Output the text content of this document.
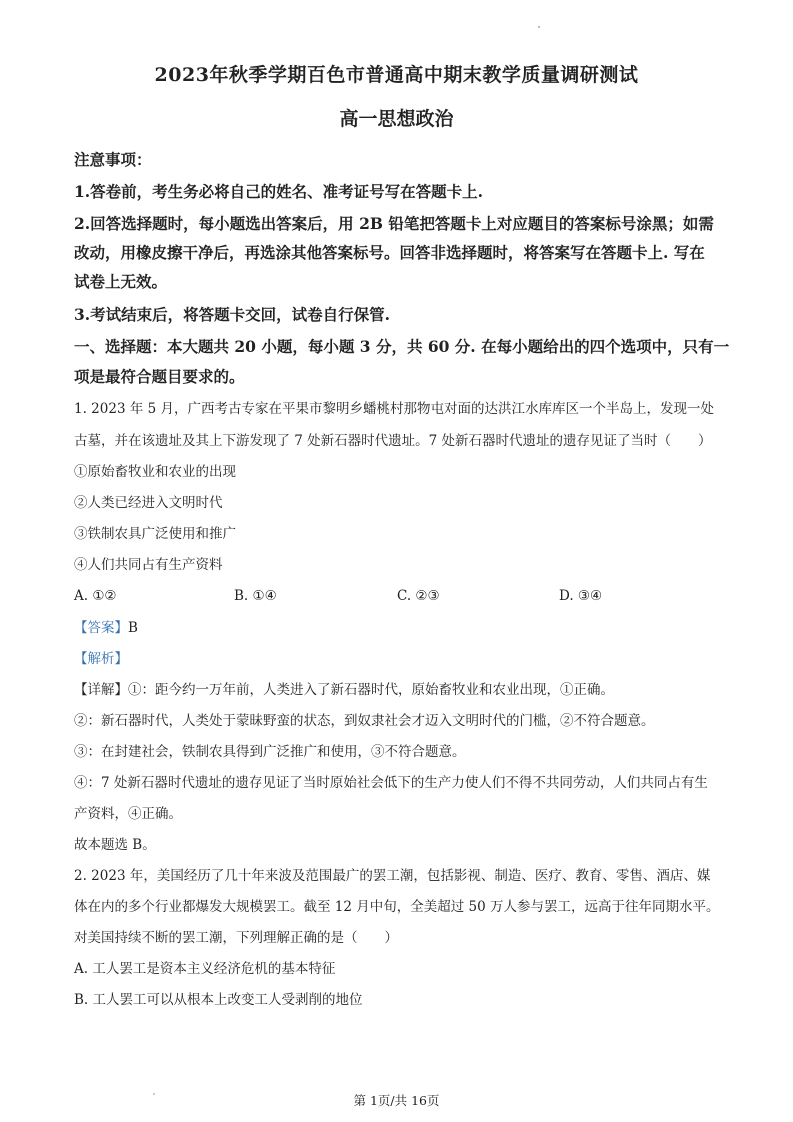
2023年秋季学期百色市普通高中期末教学质量调研测试
高一思想政治
注意事项：
1.答卷前，考生务必将自己的姓名、准考证号写在答题卡上.
2.回答选择题时，每小题选出答案后，用 2B 铅笔把答题卡上对应题目的答案标号涂黑；如需
改动，用橡皮擦干净后，再选涂其他答案标号。回答非选择题时，将答案写在答题卡上. 写在
试卷上无效。
3.考试结束后，将答题卡交回，试卷自行保管.
一、选择题：本大题共 20 小题，每小题 3 分，共 60 分. 在每小题给出的四个选项中，只有一
项是最符合题目要求的。
1. 2023 年 5 月，广西考古专家在平果市黎明乡蟠桃村那物屯对面的达洪江水库库区一个半岛上，发现一处
古墓，并在该遗址及其上下游发现了 7 处新石器时代遗址。7 处新石器时代遗址的遗存见证了当时（　　）
①原始畜牧业和农业的出现
②人类已经进入文明时代
③铁制农具广泛使用和推广
④人们共同占有生产资料
A. ①②	B. ①④	C. ②③	D. ③④
【答案】B
【解析】
【详解】①：距今约一万年前，人类进入了新石器时代，原始畜牧业和农业出现，①正确。
②：新石器时代，人类处于蒙昧野蛮的状态，到奴隶社会才迈入文明时代的门槛，②不符合题意。
③：在封建社会，铁制农具得到广泛推广和使用，③不符合题意。
④：7 处新石器时代遗址的遗存见证了当时原始社会低下的生产力使人们不得不共同劳动，人们共同占有生
产资料，④正确。
故本题选 B。
2. 2023 年，美国经历了几十年来波及范围最广的罢工潮，包括影视、制造、医疗、教育、零售、酒店、媒
体在内的多个行业都爆发大规模罢工。截至 12 月中旬，全美超过 50 万人参与罢工，远高于往年同期水平。
对美国持续不断的罢工潮，下列理解正确的是（　　）
A. 工人罢工是资本主义经济危机的基本特征
B. 工人罢工可以从根本上改变工人受剥削的地位
第 1页/共 16页
